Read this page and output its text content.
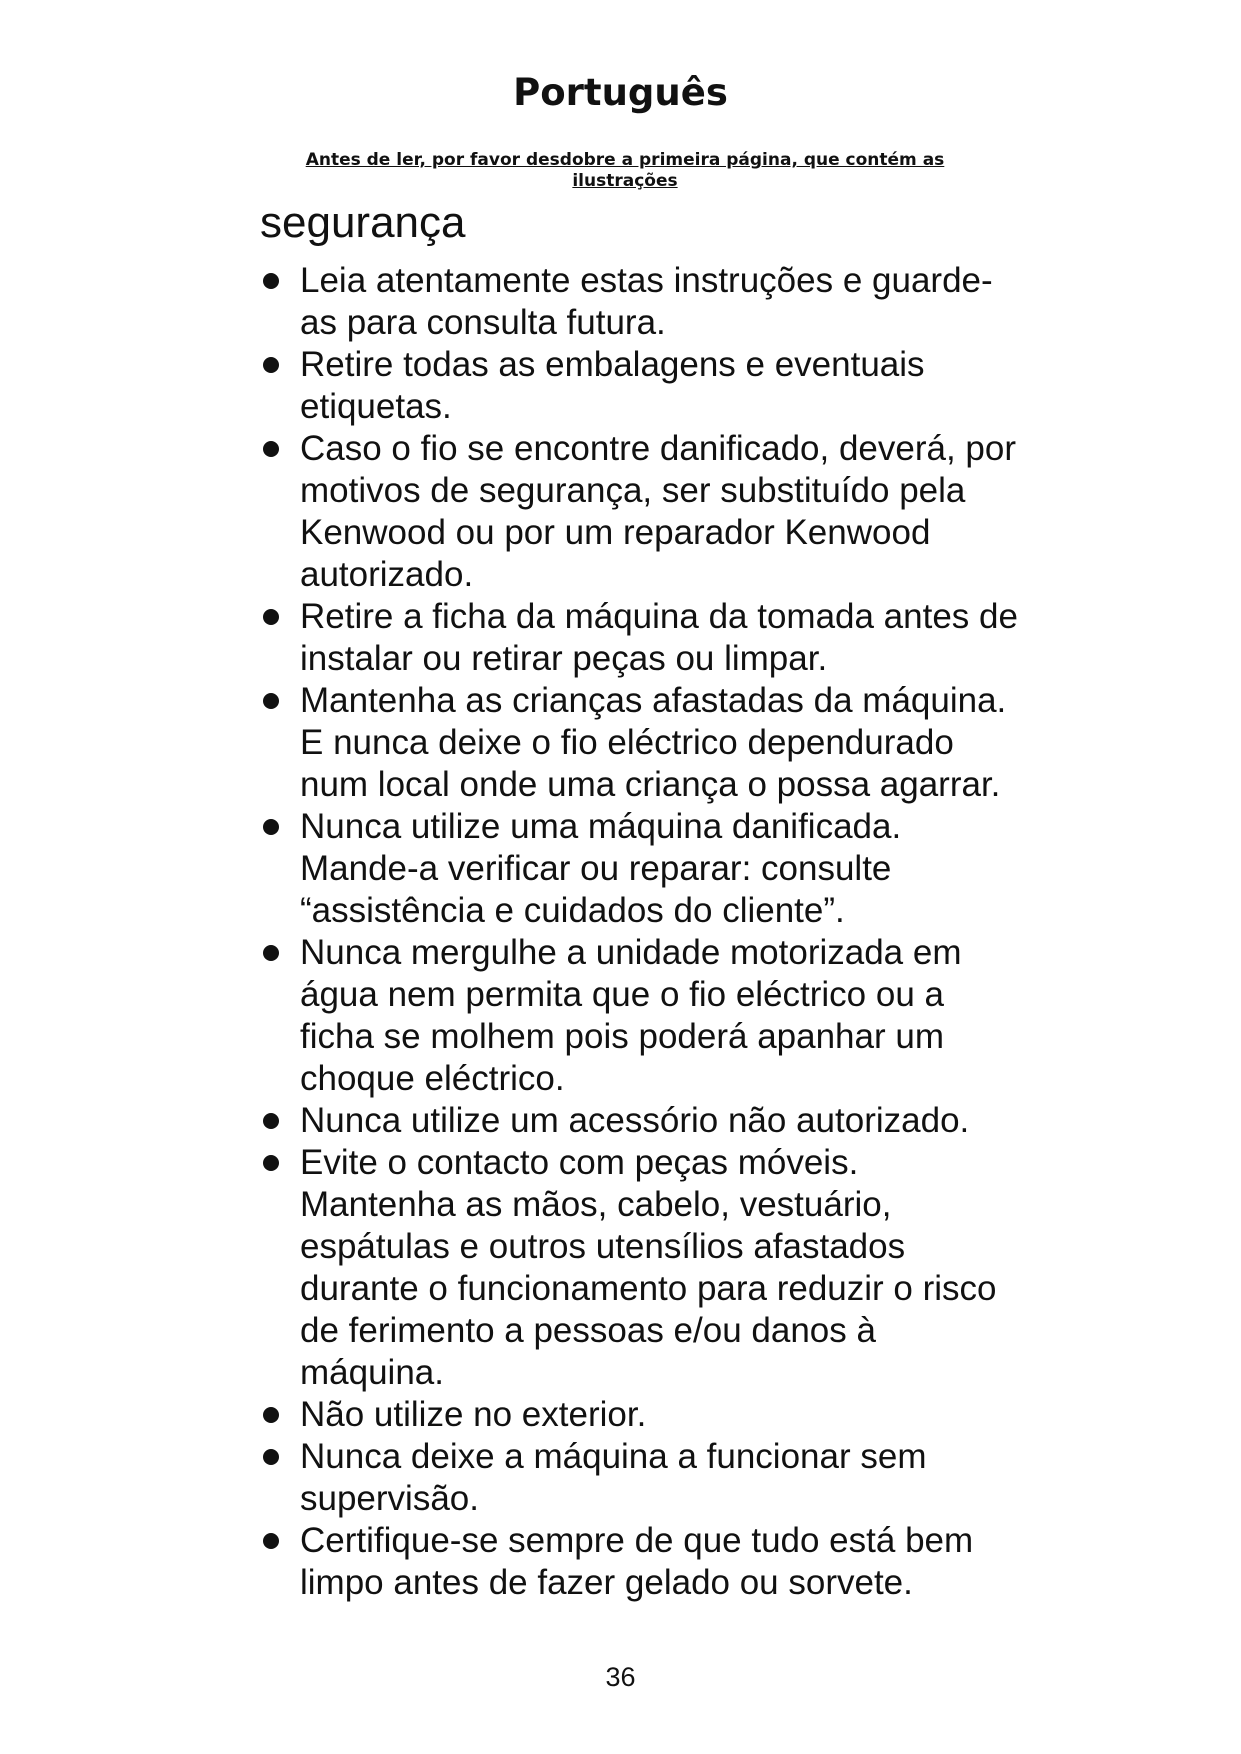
Português

Antes de ler, por favor desdobre a primeira página, que contém as ilustrações

segurança
Leia atentamente estas instruções e guarde-as para consulta futura.
Retire todas as embalagens e eventuais etiquetas.
Caso o fio se encontre danificado, deverá, por motivos de segurança, ser substituído pela Kenwood ou por um reparador Kenwood autorizado.
Retire a ficha da máquina da tomada antes de instalar ou retirar peças ou limpar.
Mantenha as crianças afastadas da máquina. E nunca deixe o fio eléctrico dependurado num local onde uma criança o possa agarrar.
Nunca utilize uma máquina danificada. Mande-a verificar ou reparar: consulte “assistência e cuidados do cliente”.
Nunca mergulhe a unidade motorizada em água nem permita que o fio eléctrico ou a ficha se molhem pois poderá apanhar um choque eléctrico.
Nunca utilize um acessório não autorizado.
Evite o contacto com peças móveis. Mantenha as mãos, cabelo, vestuário, espátulas e outros utensílios afastados durante o funcionamento para reduzir o risco de ferimento a pessoas e/ou danos à máquina.
Não utilize no exterior.
Nunca deixe a máquina a funcionar sem supervisão.
Certifique-se sempre de que tudo está bem limpo antes de fazer gelado ou sorvete.

36
